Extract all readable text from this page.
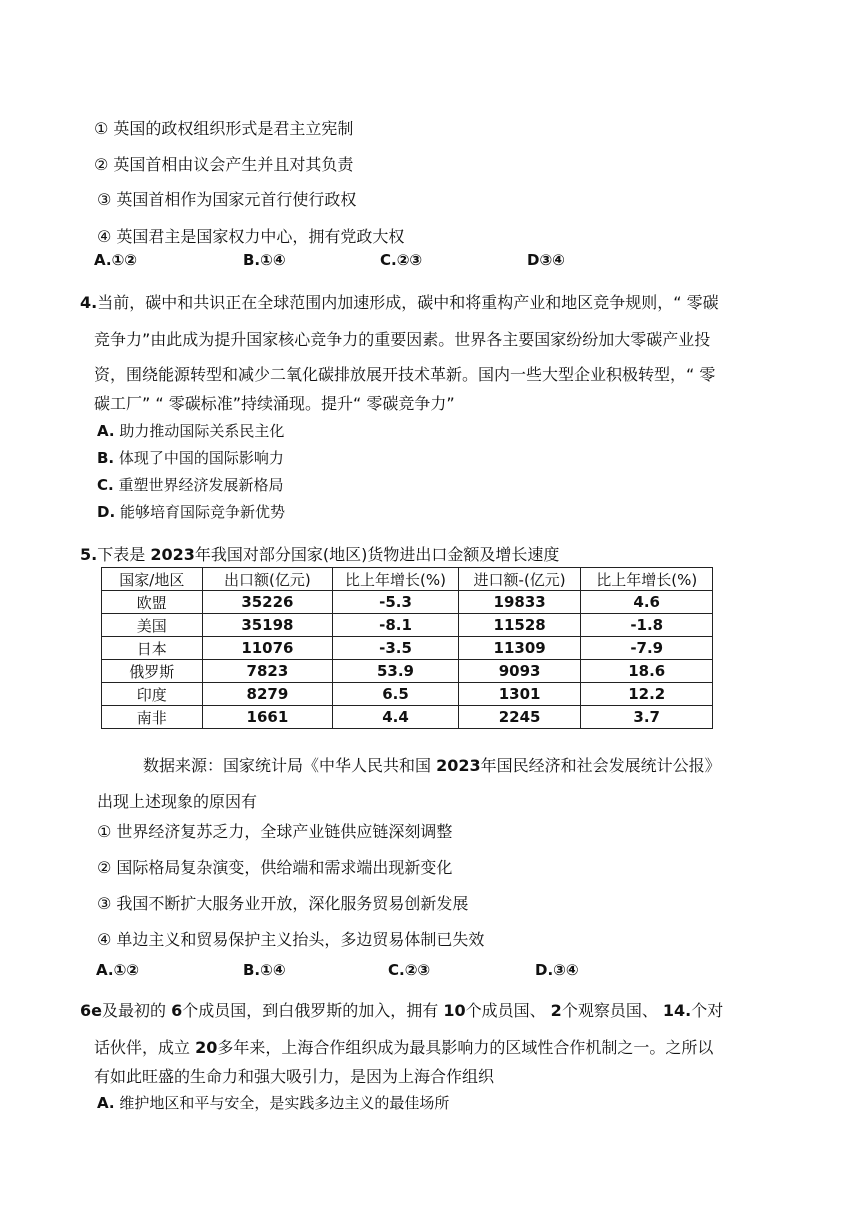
① 英国的政权组织形式是君主立宪制
② 英国首相由议会产生并且对其负责
③ 英国首相作为国家元首行使行政权
④ 英国君主是国家权力中心，拥有党政大权
A.①②	B.①④	C.②③	D③④
4.当前，碳中和共识正在全球范围内加速形成，碳中和将重构产业和地区竞争规则，“ 零碳
竞争力”由此成为提升国家核心竞争力的重要因素。世界各主要国家纷纷加大零碳产业投
资，围绕能源转型和减少二氧化碳排放展开技术革新。国内一些大型企业积极转型，“ 零
碳工厂” “ 零碳标准”持续涌现。提升“ 零碳竞争力”
A. 助力推动国际关系民主化
B. 体现了中国的国际影响力
C. 重塑世界经济发展新格局
D. 能够培育国际竞争新优势
5.下表是 2023年我国对部分国家(地区)货物进出口金额及增长速度
国家/地区	出口额(亿元)	比上年增长(%)	进口额-(亿元)	比上年增长(%)
欧盟	35226	-5.3	19833	4.6
美国	35198	-8.1	11528	-1.8
日本	11076	-3.5	11309	-7.9
俄罗斯	7823	53.9	9093	18.6
印度	8279	6.5	1301	12.2
南非	1661	4.4	2245	3.7
数据来源：国家统计局《中华人民共和国 2023年国民经济和社会发展统计公报》
出现上述现象的原因有
① 世界经济复苏乏力，全球产业链供应链深刻调整
② 国际格局复杂演变，供给端和需求端出现新变化
③ 我国不断扩大服务业开放，深化服务贸易创新发展
④ 单边主义和贸易保护主义抬头，多边贸易体制已失效
A.①②	B.①④	C.②③	D.③④
6e及最初的 6个成员国，到白俄罗斯的加入，拥有 10个成员国、 2个观察员国、 14.个对
话伙伴，成立 20多年来，上海合作组织成为最具影响力的区域性合作机制之一。之所以
有如此旺盛的生命力和强大吸引力，是因为上海合作组织
A. 维护地区和平与安全，是实践多边主义的最佳场所
